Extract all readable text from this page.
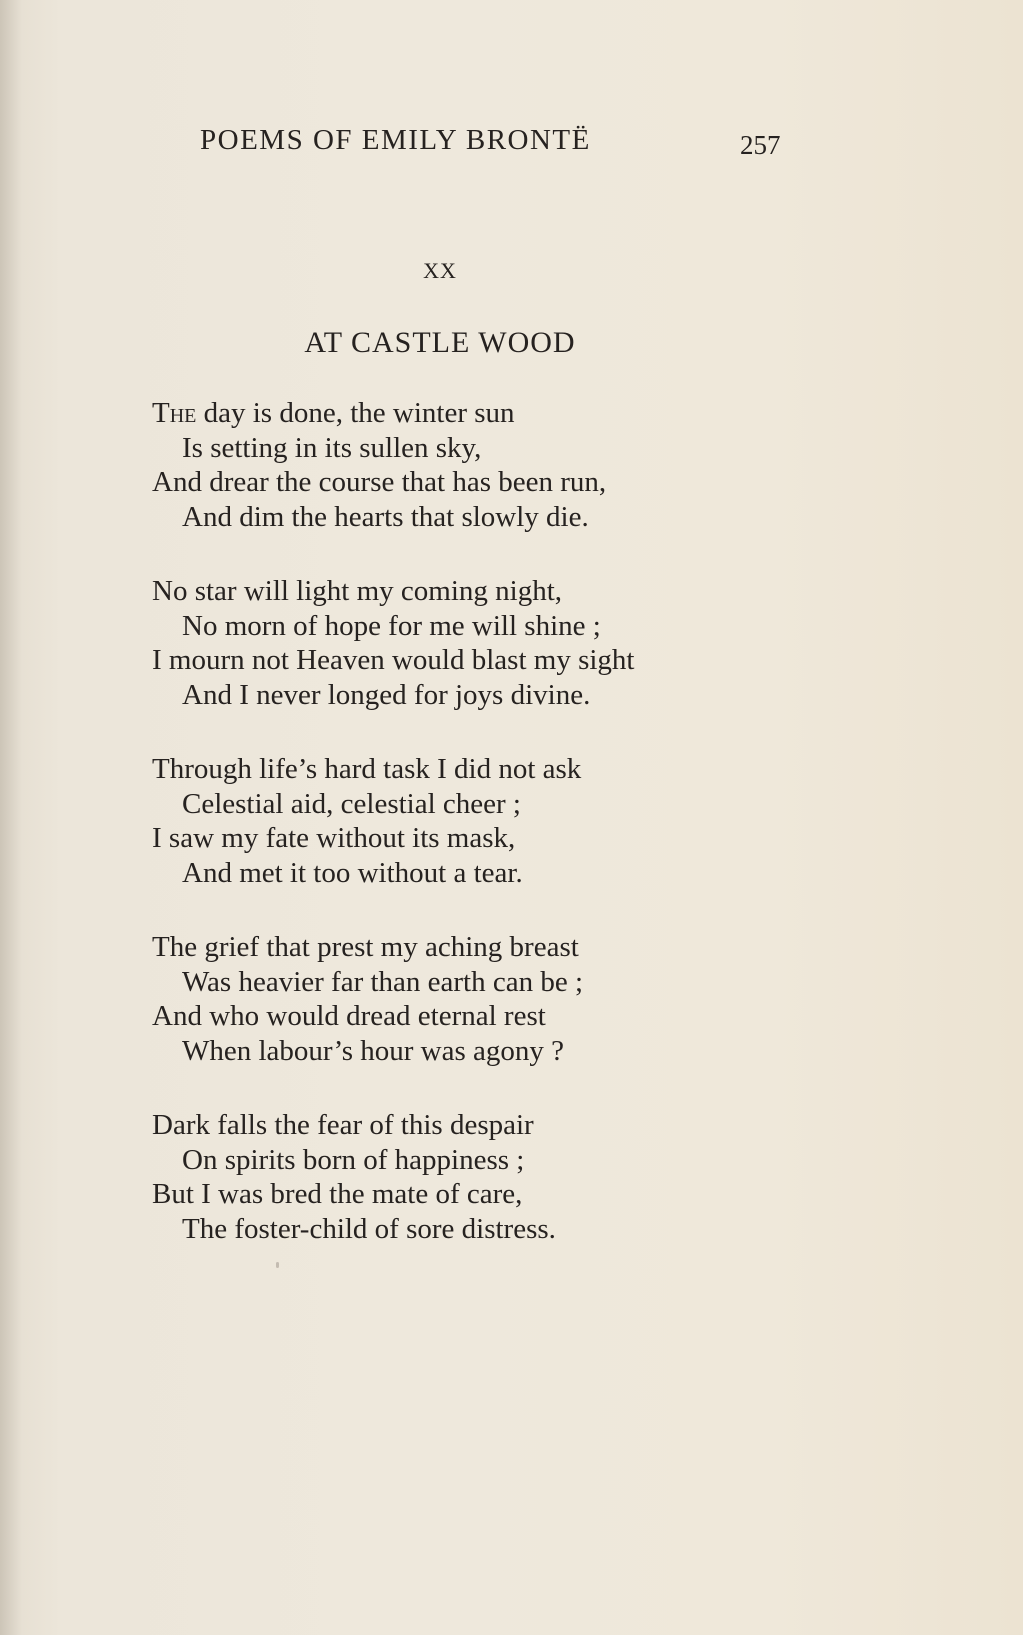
POEMS OF EMILY BRONTË	257
XX
AT CASTLE WOOD
The day is done, the winter sun
Is setting in its sullen sky,
And drear the course that has been run,
And dim the hearts that slowly die.
No star will light my coming night,
No morn of hope for me will shine ;
I mourn not Heaven would blast my sight
And I never longed for joys divine.
Through life’s hard task I did not ask
Celestial aid, celestial cheer ;
I saw my fate without its mask,
And met it too without a tear.
The grief that prest my aching breast
Was heavier far than earth can be ;
And who would dread eternal rest
When labour’s hour was agony ?
Dark falls the fear of this despair
On spirits born of happiness ;
But I was bred the mate of care,
The foster-child of sore distress.
